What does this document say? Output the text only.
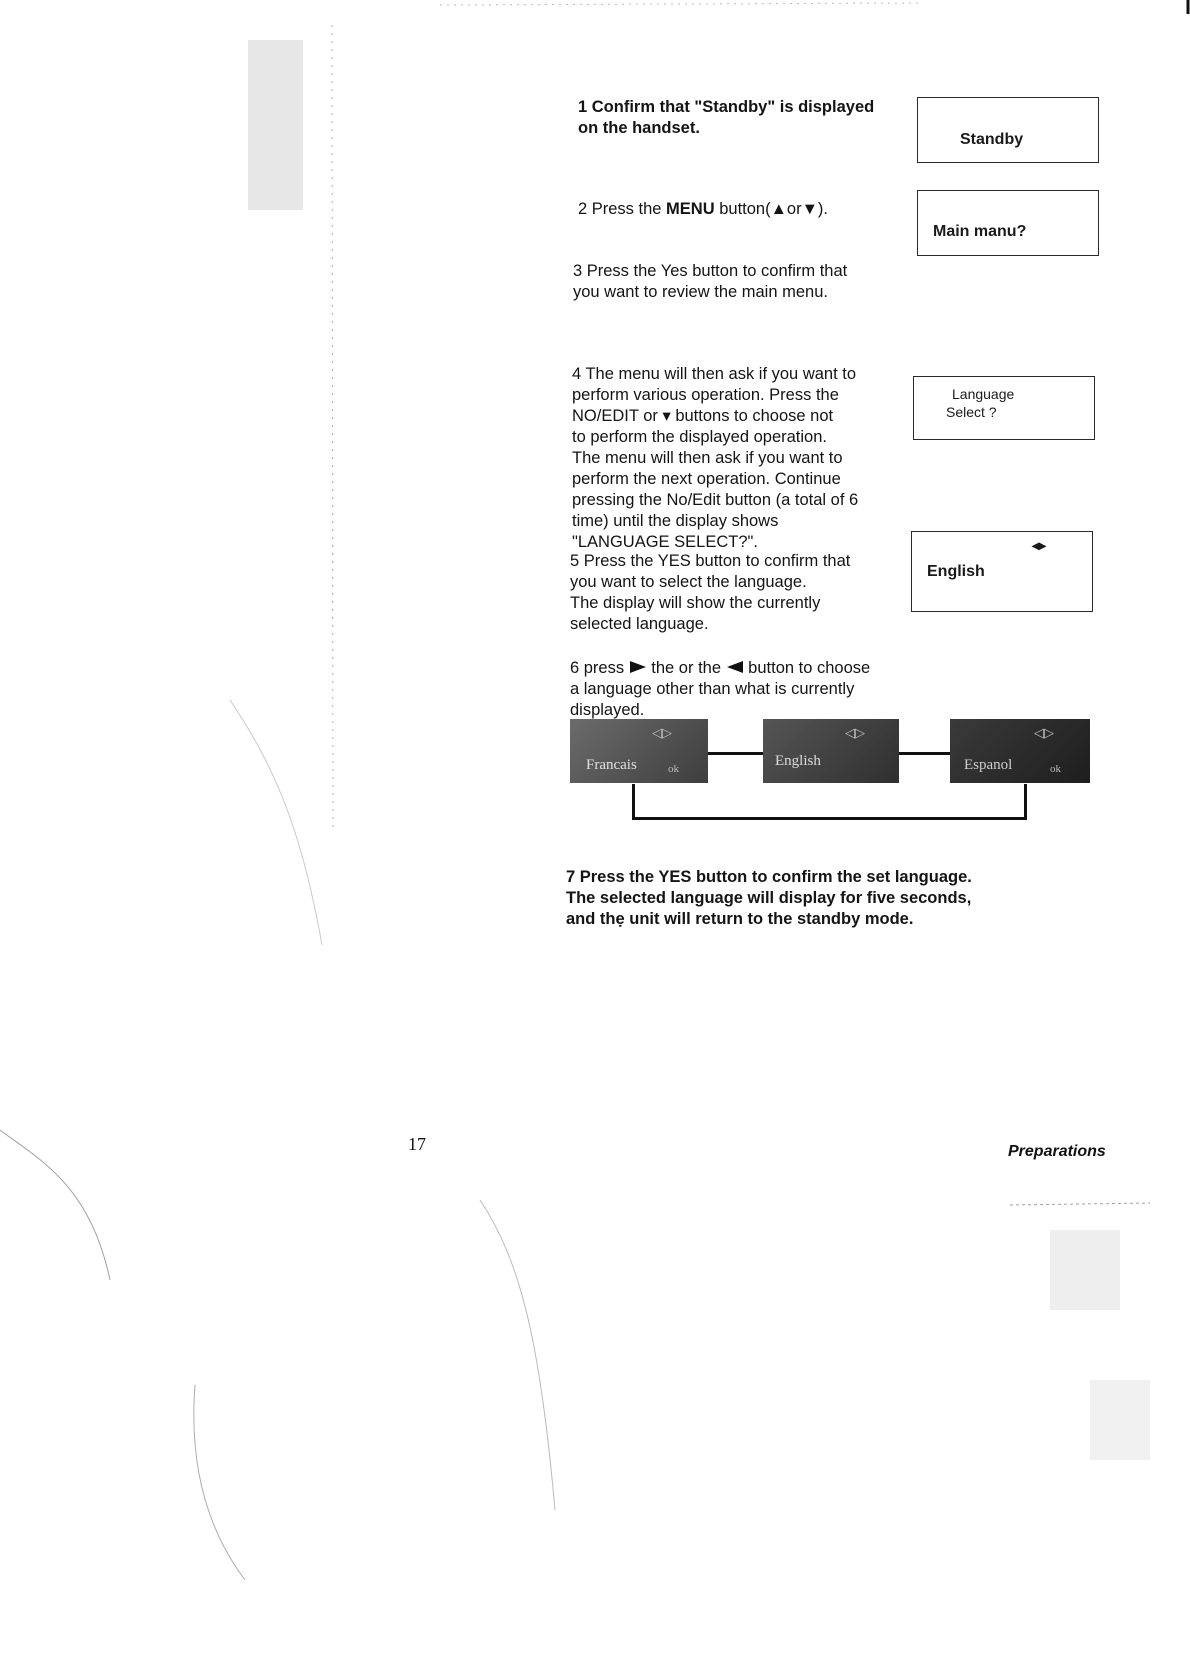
1 Confirm that "Standby" is displayed
on the handset.
Standby

2 Press the MENU button(▲or▼).

Main manu?
3 Press the Yes button to confirm that
you want to review the main menu.
4 The menu will then ask if you want to
perform various operation. Press the
NO/EDIT or ▾ buttons to choose not
to perform the displayed operation.
The menu will then ask if you want to
perform the next operation. Continue
pressing the No/Edit button (a total of 6
time) until the display shows
"LANGUAGE SELECT?".
Language
Select ?
5 Press the YES button to confirm that
you want to select the language.
The display will show the currently
selected language.
◂▸
English

6 press  the or the  button to choose
a language other than what is currently
displayed.

◁▷
Francais	ok
◁▷
English
◁▷
Espanol	ok
7 Press the YES button to confirm the set language.
The selected language will display for five seconds,
and thẹ unit will return to the standby mode.
17	Preparations
